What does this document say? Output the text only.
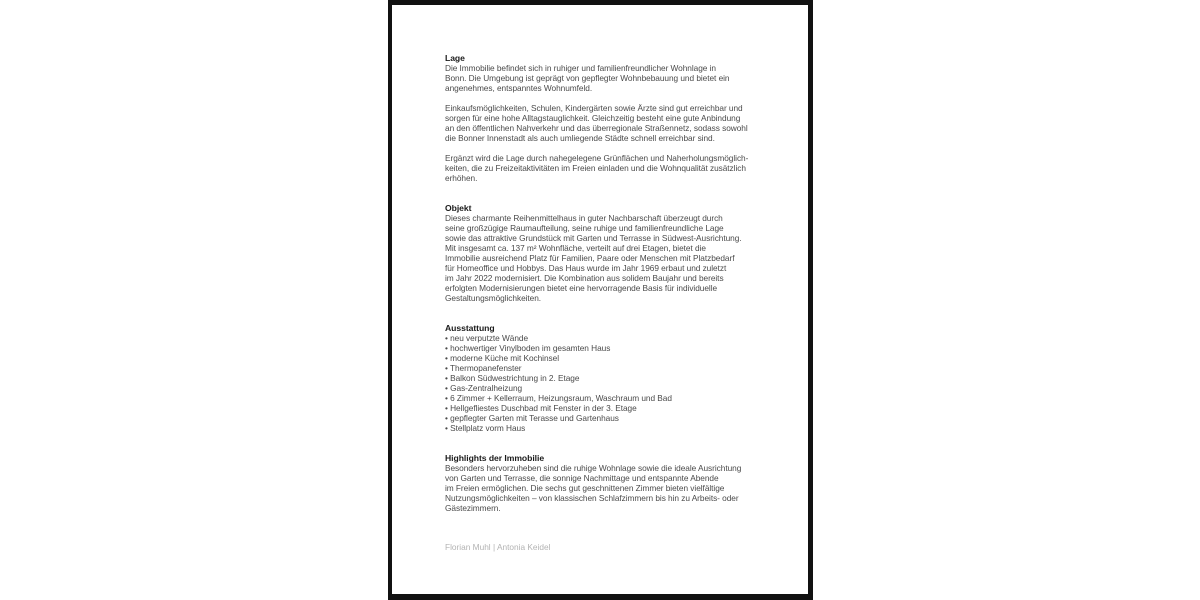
Lage

Die Immobilie befindet sich in ruhiger und familienfreundlicher Wohnlage in
Bonn. Die Umgebung ist geprägt von gepflegter Wohnbebauung und bietet ein
angenehmes, entspanntes Wohnumfeld.

Einkaufsmöglichkeiten, Schulen, Kindergärten sowie Ärzte sind gut erreichbar und
sorgen für eine hohe Alltagstauglichkeit. Gleichzeitig besteht eine gute Anbindung
an den öffentlichen Nahverkehr und das überregionale Straßennetz, sodass sowohl
die Bonner Innenstadt als auch umliegende Städte schnell erreichbar sind.

Ergänzt wird die Lage durch nahegelegene Grünflächen und Naherholungsmöglich-
keiten, die zu Freizeitaktivitäten im Freien einladen und die Wohnqualität zusätzlich
erhöhen.

Objekt

Dieses charmante Reihenmittelhaus in guter Nachbarschaft überzeugt durch
seine großzügige Raumaufteilung, seine ruhige und familienfreundliche Lage
sowie das attraktive Grundstück mit Garten und Terrasse in Südwest-Ausrichtung.
Mit insgesamt ca. 137 m² Wohnfläche, verteilt auf drei Etagen, bietet die
Immobilie ausreichend Platz für Familien, Paare oder Menschen mit Platzbedarf
für Homeoffice und Hobbys. Das Haus wurde im Jahr 1969 erbaut und zuletzt
im Jahr 2022 modernisiert. Die Kombination aus solidem Baujahr und bereits
erfolgten Modernisierungen bietet eine hervorragende Basis für individuelle
Gestaltungsmöglichkeiten.

Ausstattung
• neu verputzte Wände
• hochwertiger Vinylboden im gesamten Haus
• moderne Küche mit Kochinsel
• Thermopanefenster
• Balkon Südwestrichtung in 2. Etage
• Gas-Zentralheizung
• 6 Zimmer + Kellerraum, Heizungsraum, Waschraum und Bad
• Hellgefliestes Duschbad mit Fenster in der 3. Etage
• gepflegter Garten mit Terasse und Gartenhaus
• Stellplatz vorm Haus
Highlights der Immobilie

Besonders hervorzuheben sind die ruhige Wohnlage sowie die ideale Ausrichtung
von Garten und Terrasse, die sonnige Nachmittage und entspannte Abende
im Freien ermöglichen. Die sechs gut geschnittenen Zimmer bieten vielfältige
Nutzungsmöglichkeiten – von klassischen Schlafzimmern bis hin zu Arbeits- oder
Gästezimmern.

Florian Muhl | Antonia Keidel
